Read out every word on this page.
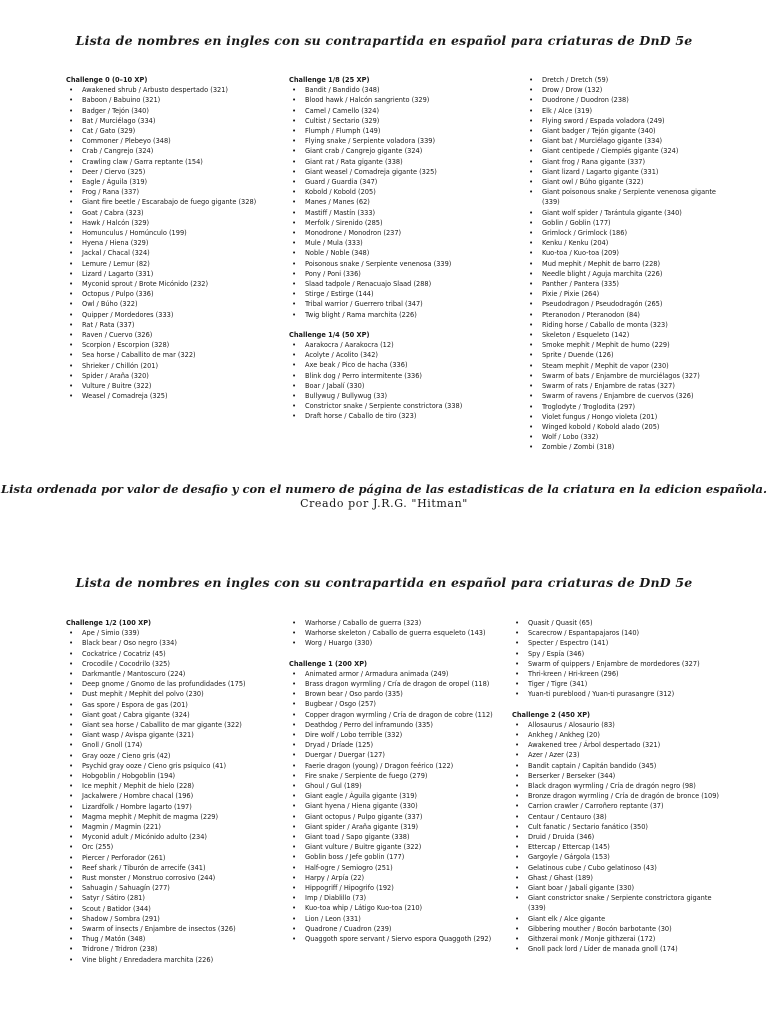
Lista de nombres en ingles con su contrapartida en español para criaturas de DnD 5e
Challenge 0 (0–10 XP)
• Awakened shrub / Arbusto despertado (321)
• Baboon / Babuino (321)
• Badger / Tejón (340)
• Bat / Murciélago (334)
• Cat / Gato (329)
• Commoner / Plebeyo (348)
• Crab / Cangrejo (324)
• Crawling claw / Garra reptante (154)
• Deer / Ciervo (325)
• Eagle / Águila (319)
• Frog / Rana (337)
• Giant fire beetle / Escarabajo de fuego gigante (328)
• Goat / Cabra (323)
• Hawk / Halcón (329)
• Homunculus / Homúnculo (199)
• Hyena / Hiena (329)
• Jackal / Chacal (324)
• Lemure / Lemur (82)
• Lizard / Lagarto (331)
• Myconid sprout / Brote Micónido (232)
• Octopus / Pulpo (336)
• Owl / Búho (322)
• Quipper / Mordedores (333)
• Rat / Rata (337)
• Raven / Cuervo (326)
• Scorpion / Escorpion (328)
• Sea horse / Caballito de mar (322)
• Shrieker / Chillón (201)
• Spider / Araña (320)
• Vulture / Buitre (322)
• Weasel / Comadreja (325)
Challenge 1/8 (25 XP)
• Bandit / Bandido (348)
• Blood hawk / Halcón sangriento (329)
• Camel / Camello (324)
• Cultist / Sectario (329)
• Flumph / Flumph (149)
• Flying snake / Serpiente voladora (339)
• Giant crab / Cangrejo gigante (324)
• Giant rat / Rata gigante (338)
• Giant weasel / Comadreja gigante (325)
• Guard / Guardia (347)
• Kobold / Kobold (205)
• Manes / Manes (62)
• Mastiff / Mastín (333)
• Merfolk / Sirenido (285)
• Monodrone / Monodron (237)
• Mule / Mula (333)
• Noble / Noble (348)
• Poisonous snake / Serpiente venenosa (339)
• Pony / Poni (336)
• Slaad tadpole / Renacuajo Slaad (288)
• Stirge / Estirge (144)
• Tribal warrior / Guerrero tribal (347)
• Twig blight / Rama marchita (226)
Challenge 1/4 (50 XP)
• Aarakocra / Aarakocra (12)
• Acolyte / Acolito (342)
• Axe beak / Pico de hacha (336)
• Blink dog / Perro intermitente (336)
• Boar / Jabalí (330)
• Bullywug / Bullywug (33)
• Constrictor snake / Serpiente constrictora (338)
• Draft horse / Caballo de tiro (323)
• Dretch / Dretch (59)
• Drow / Drow (132)
• Duodrone / Duodron (238)
• Elk / Alce (319)
• Flying sword / Espada voladora (249)
• Giant badger / Tejón gigante (340)
• Giant bat / Murciélago gigante (334)
• Giant centipede / Ciempiés gigante (324)
• Giant frog / Rana gigante (337)
• Giant lizard / Lagarto gigante (331)
• Giant owl / Búho gigante (322)
• Giant poisonous snake / Serpiente venenosa gigante (339)
• Giant wolf spider / Tarántula gigante (340)
• Goblin / Goblin (177)
• Grimlock / Grimlock (186)
• Kenku / Kenku (204)
• Kuo-toa / Kuo-toa (209)
• Mud mephit / Mephit de barro (228)
• Needle blight / Aguja marchita (226)
• Panther / Pantera (335)
• Pixie / Pixie (264)
• Pseudodragon / Pseudodragón (265)
• Pteranodon / Pteranodon (84)
• Riding horse / Caballo de monta (323)
• Skeleton / Esqueleto (142)
• Smoke mephit / Mephit de humo (229)
• Sprite / Duende (126)
• Steam mephit / Mephit de vapor (230)
• Swarm of bats / Enjambre de murciélagos (327)
• Swarm of rats / Enjambre de ratas (327)
• Swarm of ravens / Enjambre de cuervos (326)
• Troglodyte / Troglodita (297)
• Violet fungus / Hongo violeta (201)
• Winged kobold / Kobold alado (205)
• Wolf / Lobo (332)
• Zombie / Zombi (318)
Lista ordenada por valor de desafio y con el numero de página de las estadisticas de la criatura en la edicion española.
Creado por J.R.G. "Hitman"
Lista de nombres en ingles con su contrapartida en español para criaturas de DnD 5e
Challenge 1/2 (100 XP)
• Ape / Simio (339)
• Black bear / Oso negro (334)
• Cockatrice / Cocatriz (45)
• Crocodile / Cocodrilo (325)
• Darkmantle / Mantoscuro (224)
• Deep gnome / Gnomo de las profundidades (175)
• Dust mephit / Mephit del polvo (230)
• Gas spore / Espora de gas (201)
• Giant goat / Cabra gigante (324)
• Giant sea horse / Caballito de mar gigante (322)
• Giant wasp / Avispa gigante (321)
• Gnoll / Gnoll (174)
• Gray ooze / Cieno gris (42)
• Psychid gray ooze / Cieno gris psiquico (41)
• Hobgoblin / Hobgoblin (194)
• Ice mephit / Mephit de hielo (228)
• Jackalwere / Hombre chacal (196)
• Lizardfolk / Hombre lagarto (197)
• Magma mephit / Mephit de magma (229)
• Magmin / Magmin (221)
• Myconid adult / Micónido adulto (234)
• Orc (255)
• Piercer / Perforador (261)
• Reef shark / Tiburón de arrecife (341)
• Rust monster / Monstruo corrosivo (244)
• Sahuagin / Sahuagín (277)
• Satyr / Sátiro (281)
• Scout / Batidor (344)
• Shadow / Sombra (291)
• Swarm of insects / Enjambre de insectos (326)
• Thug / Matón (348)
• Tridrone / Tridron (238)
• Vine blight / Enredadera marchita (226)
• Warhorse / Caballo de guerra (323)
• Warhorse skeleton / Caballo de guerra esqueleto (143)
• Worg / Huargo (330)
Challenge 1 (200 XP)
• Animated armor / Armadura animada (249)
• Brass dragon wyrmling / Cría de dragon de oropel (118)
• Brown bear / Oso pardo (335)
• Bugbear / Osgo (257)
• Copper dragon wyrmling / Cría de dragon de cobre (112)
• Deathdog / Perro del inframundo (335)
• Dire wolf / Lobo terrible (332)
• Dryad / Dríade (125)
• Duergar / Duergar (127)
• Faerie dragon (young) / Dragon feérico (122)
• Fire snake / Serpiente de fuego (279)
• Ghoul / Gul (189)
• Giant eagle / Águila gigante (319)
• Giant hyena / Hiena gigante (330)
• Giant octopus / Pulpo gigante (337)
• Giant spider / Araña gigante (319)
• Giant toad / Sapo gigante (338)
• Giant vulture / Buitre gigante (322)
• Goblin boss / Jefe goblin (177)
• Half-ogre / Semiogro (251)
• Harpy / Arpía (22)
• Hippogriff / Hipogrifo (192)
• Imp / Diablillo (73)
• Kuo-toa whip / Látigo Kuo-toa (210)
• Lion / Leon (331)
• Quadrone / Cuadron (239)
• Quaggoth spore servant / Siervo espora Quaggoth (292)
• Quasit / Quasit (65)
• Scarecrow / Espantapajaros (140)
• Specter / Espectro (141)
• Spy / Espía (346)
• Swarm of quippers / Enjambre de mordedores (327)
• Thri-kreen / Hri-kreen (296)
• Tiger / Tigre (341)
• Yuan-ti pureblood / Yuan-ti purasangre (312)
Challenge 2 (450 XP)
• Allosaurus / Alosaurio (83)
• Ankheg / Ankheg (20)
• Awakened tree / Árbol despertado (321)
• Azer / Azer (23)
• Bandit captain / Capitán bandido (345)
• Berserker / Berseker (344)
• Black dragon wyrmling / Cría de dragón negro (98)
• Bronze dragon wyrmling / Cría de dragón de bronce (109)
• Carrion crawler / Carroñero reptante (37)
• Centaur / Centauro (38)
• Cult fanatic / Sectario fanático (350)
• Druid / Druida (346)
• Ettercap / Ettercap (145)
• Gargoyle / Gárgola (153)
• Gelatinous cube / Cubo gelatinoso (43)
• Ghast / Ghast (189)
• Giant boar / Jabalí gigante (330)
• Giant constrictor snake / Serpiente constrictora gigante (339)
• Giant elk / Alce gigante
• Gibbering mouther / Bocón barbotante (30)
• Githzerai monk / Monje githzerai (172)
• Gnoll pack lord / Líder de manada gnoll (174)
